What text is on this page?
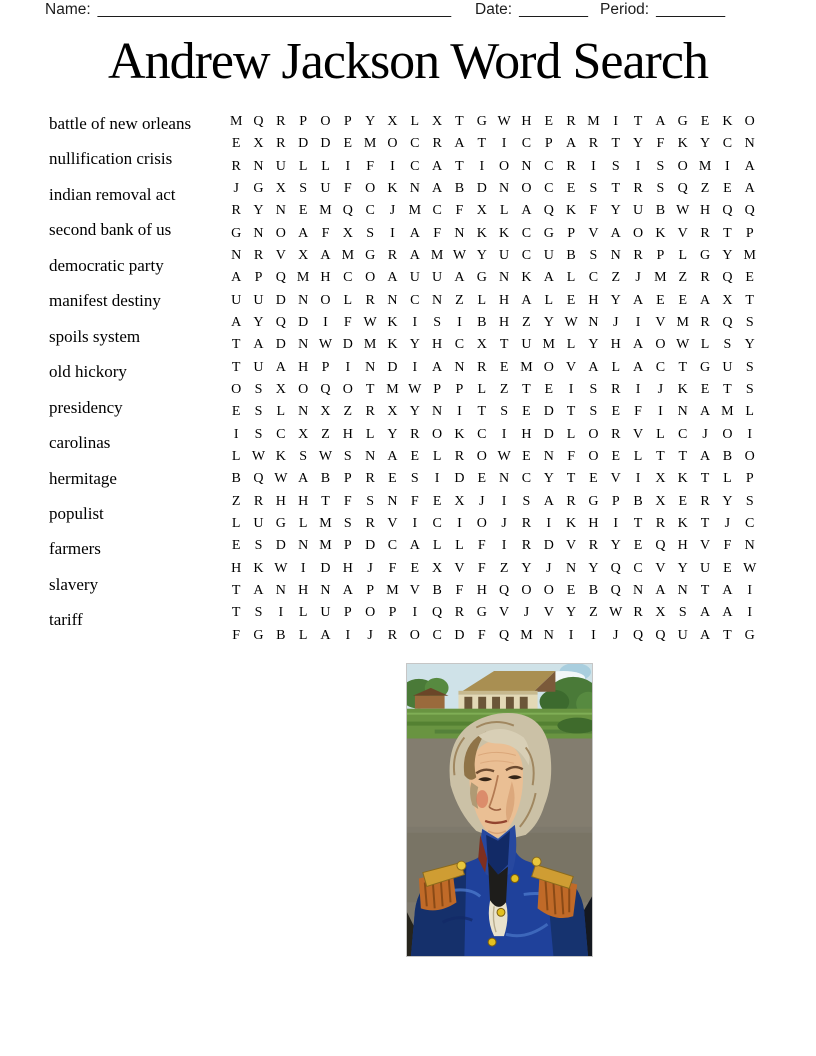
Name: _________________________________________ Date: ________ Period: ________
Andrew Jackson Word Search
battle of new orleans
nullification crisis
indian removal act
second bank of us
democratic party
manifest destiny
spoils system
old hickory
presidency
carolinas
hermitage
populist
farmers
slavery
tariff
M Q R P O P Y X L X T G W H E R M I	T A G E K O
E X R D D E M O C R A T	I	C P A R T Y F K Y C N
R N U L L	I	F	I	C A T	I	O N C R	I	S	I	S O M I	A
J	G X S U F O K N A B D N O C E	S	T R S Q Z E A
R Y N E M Q C	J M C F X L A Q K F Y U B W H Q Q
G N O A F X S	I	A F N K K C G P V A O K V R T	P
N R V X A M G R A M W Y U C U B S N R P	L G Y M
A P Q M H C O A U U A G N K A L C Z	J M Z R Q E
U U D N O L R N C N Z L H A L E H Y A E E A X T
A Y Q D	I	F W K	I	S	I	B H Z Y W N	J	I	V M R Q S
T A D N W D M K Y H C X T U M L Y H A O W L	S Y
T U A H P	I	N D	I	A N R E M O V A L A C T G U S
O S X O Q O T M W P	P	L Z T E	I	S R	I	J	K E T	S
E	S	L N X Z R X Y N	I	T	S	E D T	S	E	F	I	N A M L
I	S C X Z H L Y R O K C	I	H D L O R V L C	J	O	I
L W K S W S N A E L R O W E N F O E L T T A B O
B Q W A B P R E	S	I	D E N C Y T E V	I	X K T L	P
Z R H H T	F	S N F	E X	J	I	S A R G P B X E R Y S
L U G L M S R V	I	C	I	O	J	R	I	K H	I	T R K T	J	C
E	S D N M P D C A L L	F	I	R D V R Y E Q H V F N
H K W I	D H	J	F	E X V F	Z Y	J	N Y Q C V Y U E W
T A N H N A P M V B F H Q O O E B Q N A N T A	I
T	S	I	L U P O P	I	Q R G V	J	V Y Z W R X S A A	I
F G B L A	I	J	R O C D F Q M N	I	I	J	Q Q U A T G
